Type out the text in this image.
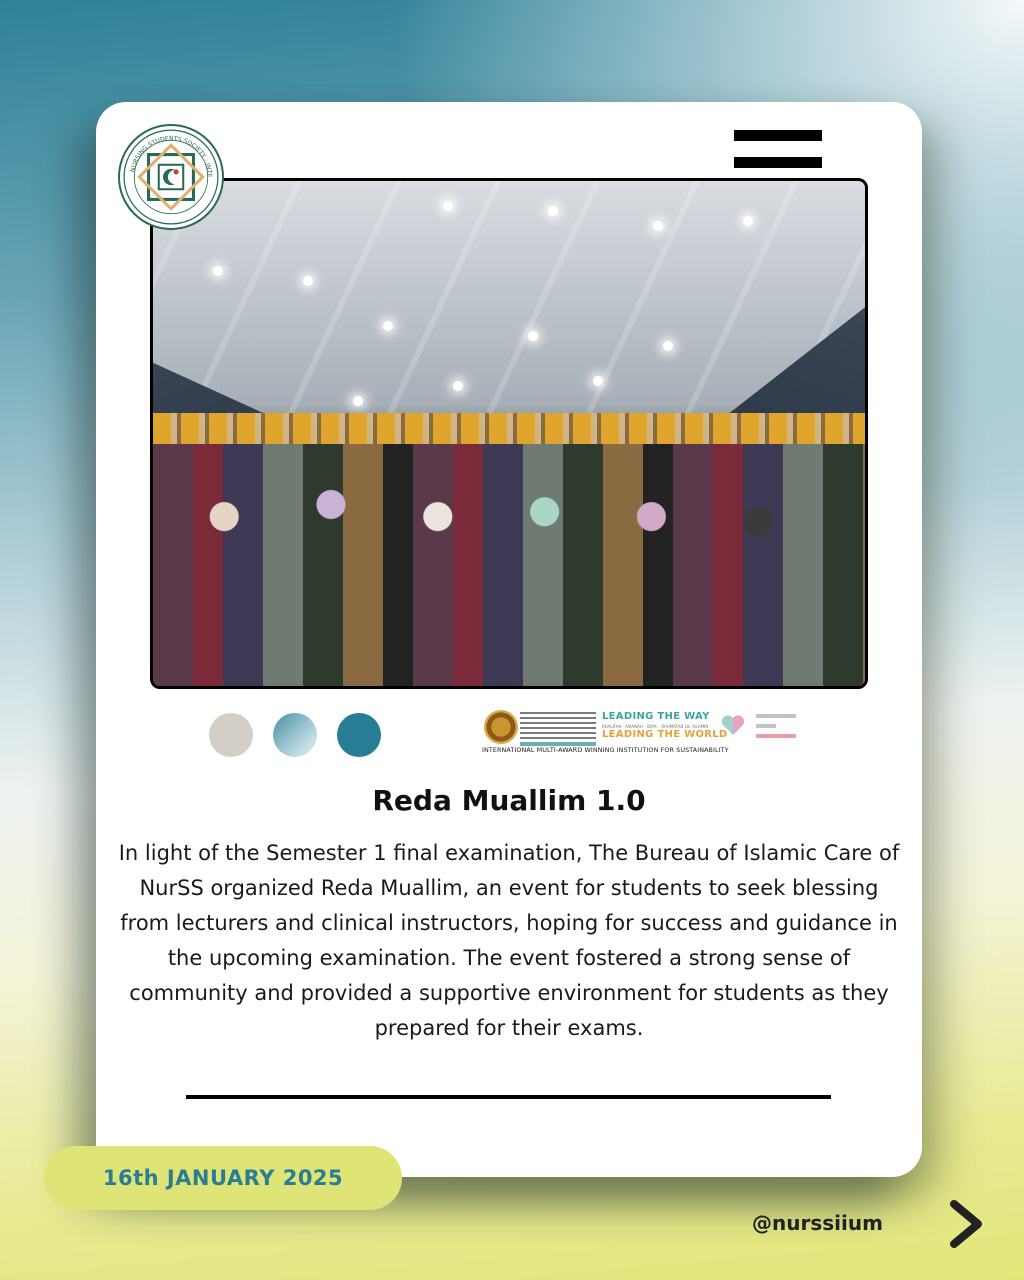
NURSING STUDENTS SOCIETY · INTE
LEADING THE WAY
KHALIFAH · AMANAH · IQRA' · RAHMATAN LIL-'ALAMIN
LEADING THE WORLD
INTERNATIONAL MULTI-AWARD WINNING INSTITUTION FOR SUSTAINABILITY
Reda Muallim 1.0

In light of the Semester 1 final examination, The Bureau of Islamic Care of NurSS organized Reda Muallim, an event for students to seek blessing from lecturers and clinical instructors, hoping for success and guidance in the upcoming examination. The event fostered a strong sense of community and provided a supportive environment for students as they prepared for their exams.

16th JANUARY 2025
@nurssiium
